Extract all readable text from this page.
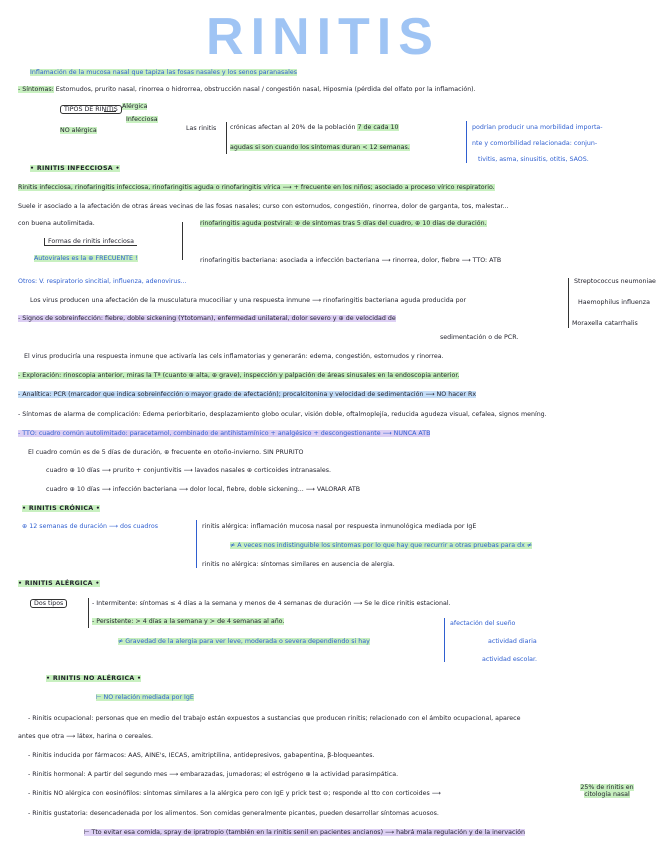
RINITIS
Inflamación de la mucosa nasal que tapiza las fosas nasales y los senos paranasales
- Síntomas: Estornudos, prurito nasal, rinorrea o hidrorrea, obstrucción nasal / congestión nasal, Hiposmia (pérdida del olfato por la inflamación).
TIPOS DE RINITIS Alérgica
Infecciosa
NO alérgica	Las rinitis crónicas afectan al 20% de la población 7 de cada 10
agudas si son cuando los síntomas duran < 12 semanas.
podrían producir una morbilidad importa-
nte y comorbilidad relacionada: conjun-
tivitis, asma, sinusitis, otitis, SAOS.
• RINITIS INFECCIOSA •
Rinitis infecciosa, rinofaringitis infecciosa, rinofaringitis aguda o rinofaringitis vírica ⟶ + frecuente en los niños; asociado a proceso vírico respiratorio.
Suele ir asociado a la afectación de otras áreas vecinas de las fosas nasales; curso con estornudos, congestión, rinorrea, dolor de garganta, tos, malestar...
con buena autolimitada.
Formas de rinitis infecciosa
rinofaringitis aguda postviral: ⊕ de síntomas tras 5 días del cuadro, ⊕ 10 días de duración.
Autovirales es la ⊕ FRECUENTE !	rinofaringitis bacteriana: asociada a infección bacteriana ⟶ rinorrea, dolor, fiebre ⟶ TTO: ATB
Streptococcus neumoniae
Haemophilus influenza
Moraxella catarrhalis
Otros: V. respiratorio sincitial, influenza, adenovirus...
Los virus producen una afectación de la musculatura mucociliar y una respuesta inmune ⟶ rinofaringitis bacteriana aguda producida por
- Signos de sobreinfección: fiebre, doble sickening (Ytotoman), enfermedad unilateral, dolor severo y ⊕ de velocidad de
sedimentación o de PCR.
El virus produciría una respuesta inmune que activaría las cels inflamatorias y generarán: edema, congestión, estornudos y rinorrea.
- Exploración: rinoscopia anterior, miras la Tª (cuanto ⊕ alta, ⊕ grave), inspección y palpación de áreas sinusales en la endoscopia anterior.
- Analítica: PCR (marcador que indica sobreinfección o mayor grado de afectación); procalcitonina y velocidad de sedimentación ⟶ NO hacer Rx
- Síntomas de alarma de complicación: Edema periorbitario, desplazamiento globo ocular, visión doble, oftalmoplejía, reducida agudeza visual, cefalea, signos meníng.
- TTO: cuadro común autolimitado: paracetamol, combinado de antihistamínico + analgésico + descongestionante ⟶ NUNCA ATB
El cuadro común es de 5 días de duración, ⊕ frecuente en otoño-invierno. SIN PRURITO
cuadro ⊕ 10 días ⟶ prurito + conjuntivitis ⟶ lavados nasales ⊕ corticoides intranasales.
cuadro ⊕ 10 días ⟶ infección bacteriana ⟶ dolor local, fiebre, doble sickening... ⟶ VALORAR ATB
• RINITIS CRÓNICA •
⊕ 12 semanas de duración ⟶ dos cuadros	rinitis alérgica: inflamación mucosa nasal por respuesta inmunológica mediada por IgE
≠ A veces nos indistinguible los síntomas por lo que hay que recurrir a otras pruebas para dx ≠
rinitis no alérgica: síntomas similares en ausencia de alergia.
• RINITIS ALÉRGICA •
Dos tipos	- Intermitente: síntomas ≤ 4 días a la semana y menos de 4 semanas de duración ⟶ Se le dice rinitis estacional.
- Persistente: > 4 días a la semana y > de 4 semanas al año.
≠ Gravedad de la alergia para ver leve, moderada o severa dependiendo si hay
afectación del sueño
actividad diaria
actividad escolar.
• RINITIS NO ALÉRGICA •
⊢ NO relación mediada por IgE
- Rinitis ocupacional: personas que en medio del trabajo están expuestos a sustancias que producen rinitis; relacionado con el ámbito ocupacional, aparece
antes que otra ⟶ látex, harina o cereales.
- Rinitis inducida por fármacos: AAS, AINE's, IECAS, amitriptilina, antidepresivos, gabapentina, β-bloqueantes.
- Rinitis hormonal: A partir del segundo mes ⟶ embarazadas, jumadoras; el estrógeno ⊕ la actividad parasimpática.
- Rinitis NO alérgica con eosinófilos: síntomas similares a la alérgica pero con IgE y prick test ⊖; responde al tto con corticoides ⟶
25% de rinitis en citología nasal
- Rinitis gustatoria: desencadenada por los alimentos. Son comidas generalmente picantes, pueden desarrollar síntomas acuosos.
⊢ Tto evitar esa comida, spray de ipratropio (también en la rinitis senil en pacientes ancianos) ⟶ habrá mala regulación y de la inervación
